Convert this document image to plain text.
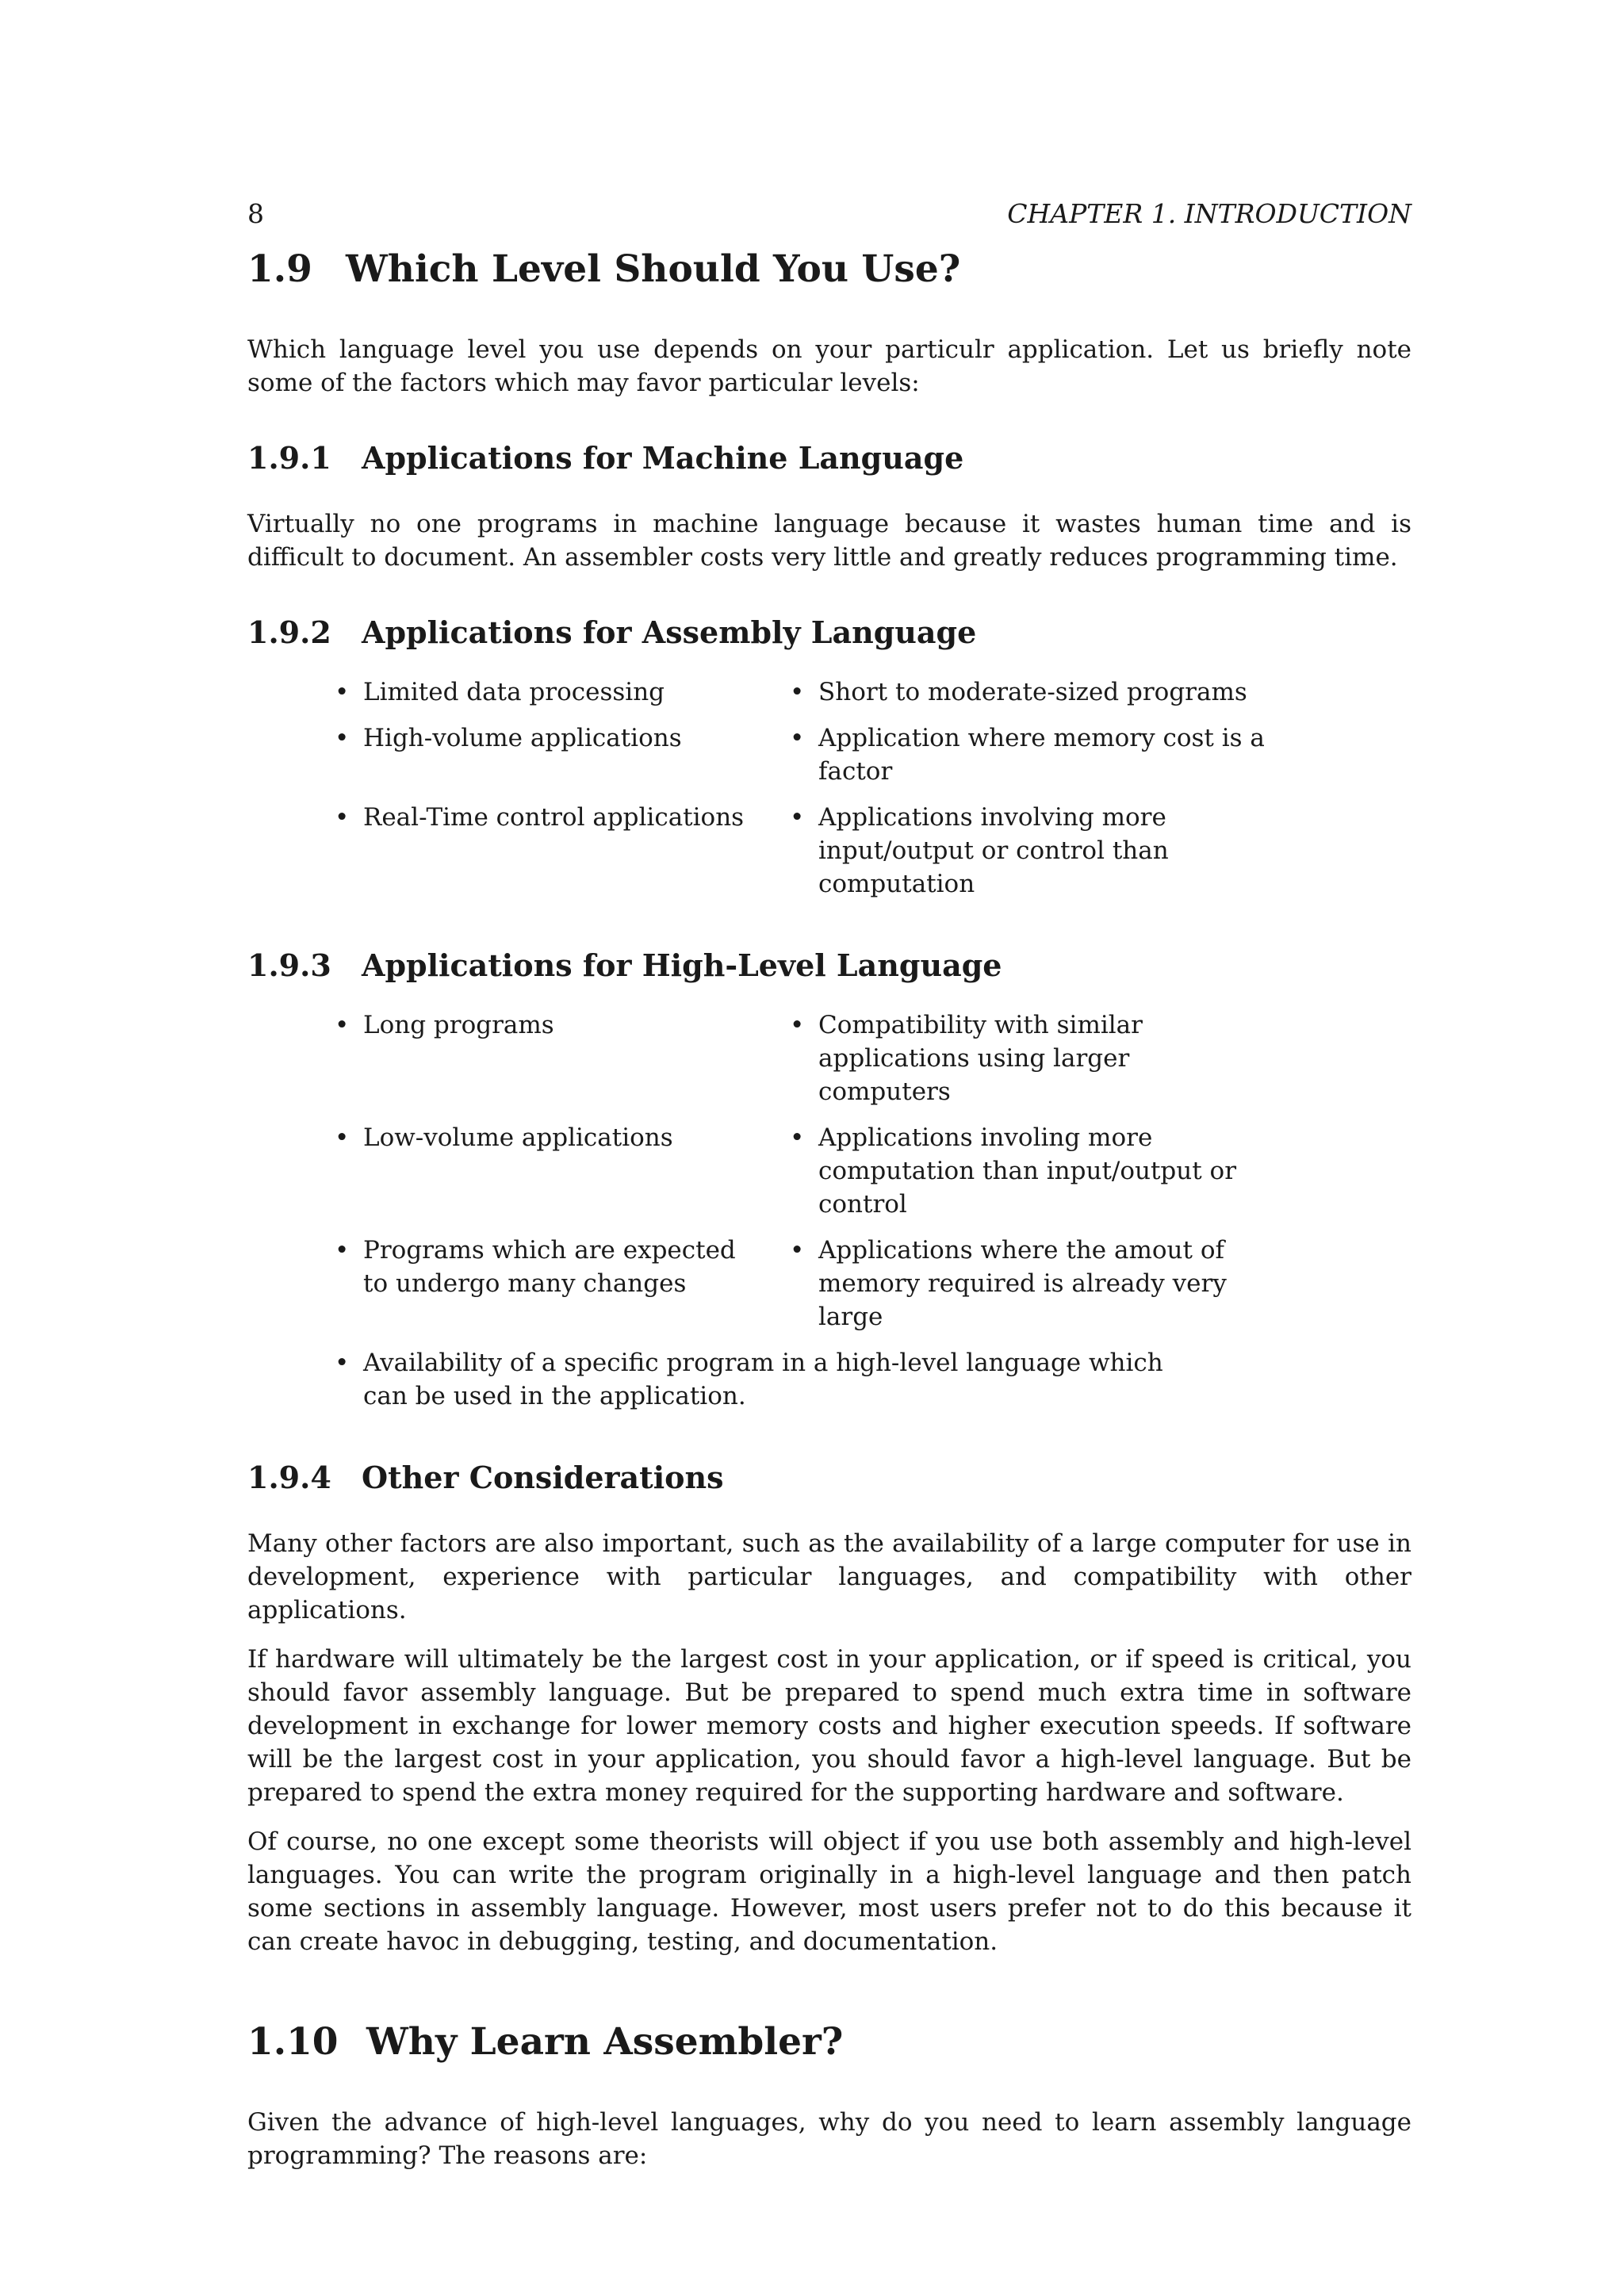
8	CHAPTER 1. INTRODUCTION
1.9 Which Level Should You Use?

Which language level you use depends on your particulr application. Let us briefly note some of the factors which may favor particular levels:

1.9.1 Applications for Machine Language

Virtually no one programs in machine language because it wastes human time and is difficult to document. An assembler costs very little and greatly reduces programming time.

1.9.2 Applications for Assembly Language
• Limited data processing	• Short to moderate-sized programs
• High-volume applications	• Application where memory cost is a factor
• Real-Time control applications	• Applications involving more input/output or control than computation
1.9.3 Applications for High-Level Language
• Long programs	• Compatibility with similar applications using larger computers
• Low-volume applications	• Applications involing more computation than input/output or control
• Programs which are expected to undergo many changes
• Applications where the amout of memory required is already very large
• Availability of a specific program in a high-level language which can be used in the application.
1.9.4 Other Considerations

Many other factors are also important, such as the availability of a large computer for use in development, experience with particular languages, and compatibility with other applications.

If hardware will ultimately be the largest cost in your application, or if speed is critical, you should favor assembly language. But be prepared to spend much extra time in software development in exchange for lower memory costs and higher execution speeds. If software will be the largest cost in your application, you should favor a high-level language. But be prepared to spend the extra money required for the supporting hardware and software.

Of course, no one except some theorists will object if you use both assembly and high-level languages. You can write the program originally in a high-level language and then patch some sections in assembly language. However, most users prefer not to do this because it can create havoc in debugging, testing, and documentation.

1.10 Why Learn Assembler?

Given the advance of high-level languages, why do you need to learn assembly language programming? The reasons are:
